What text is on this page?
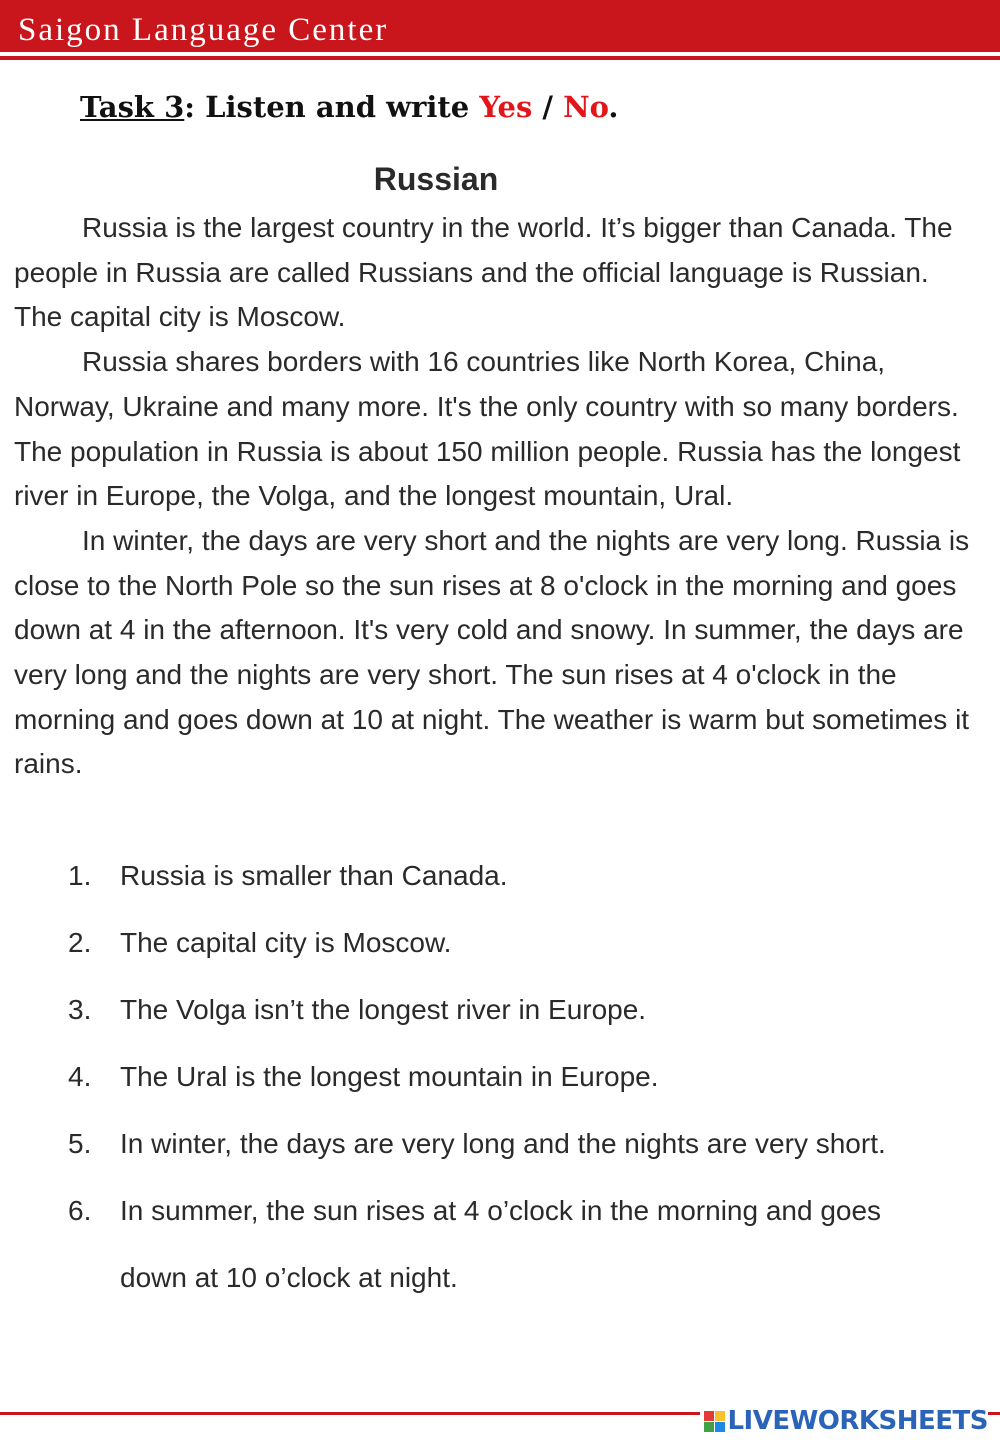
Saigon Language Center
Task 3: Listen and write Yes / No.
Russian

Russia is the largest country in the world. It’s bigger than Canada. The people in Russia are called Russians and the official language is Russian. The capital city is Moscow.

Russia shares borders with 16 countries like North Korea, China, Norway, Ukraine and many more. It's the only country with so many borders. The population in Russia is about 150 million people. Russia has the longest river in Europe, the Volga, and the longest mountain, Ural.

In winter, the days are very short and the nights are very long. Russia is close to the North Pole so the sun rises at 8 o'clock in the morning and goes down at 4 in the afternoon. It's very cold and snowy. In summer, the days are very long and the nights are very short. The sun rises at 4 o'clock in the morning and goes down at 10 at night. The weather is warm but sometimes it rains.

1.	Russia is smaller than Canada.
2.	The capital city is Moscow.
3.	The Volga isn’t the longest river in Europe.
4.	The Ural is the longest mountain in Europe.
5.	In winter, the days are very long and the nights are very short.
6.	In summer, the sun rises at 4 o’clock in the morning and goes down at 10 o’clock at night.
LIVEWORKSHEETS
